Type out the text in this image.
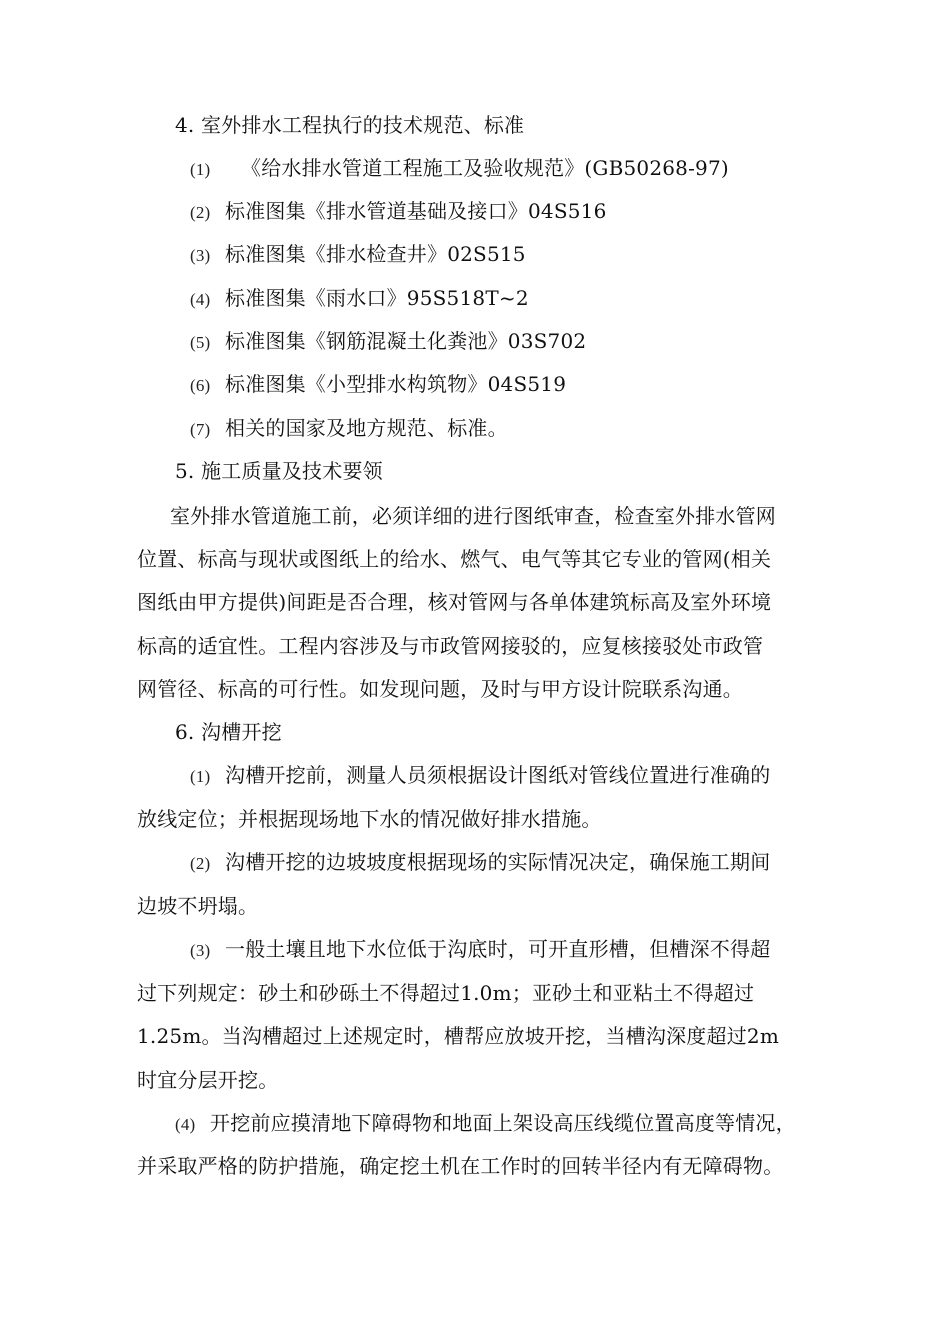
4. 室外排水工程执行的技术规范、标准
(1) 《给水排水管道工程施工及验收规范》(GB50268-97)
(2) 标准图集《排水管道基础及接口》04S516
(3) 标准图集《排水检查井》02S515
(4) 标准图集《雨水口》95S518T~2
(5) 标准图集《钢筋混凝土化粪池》03S702
(6) 标准图集《小型排水构筑物》04S519
(7) 相关的国家及地方规范、标准。
5. 施工质量及技术要领
室外排水管道施工前，必须详细的进行图纸审查，检查室外排水管网
位置、标高与现状或图纸上的给水、燃气、电气等其它专业的管网(相关
图纸由甲方提供)间距是否合理，核对管网与各单体建筑标高及室外环境
标高的适宜性。工程内容涉及与市政管网接驳的，应复核接驳处市政管
网管径、标高的可行性。如发现问题，及时与甲方设计院联系沟通。
6. 沟槽开挖
(1) 沟槽开挖前，测量人员须根据设计图纸对管线位置进行准确的
放线定位；并根据现场地下水的情况做好排水措施。
(2) 沟槽开挖的边坡坡度根据现场的实际情况决定，确保施工期间
边坡不坍塌。
(3) 一般土壤且地下水位低于沟底时，可开直形槽，但槽深不得超
过下列规定：砂土和砂砾土不得超过1.0m；亚砂土和亚粘土不得超过
1.25m。当沟槽超过上述规定时，槽帮应放坡开挖，当槽沟深度超过2m
时宜分层开挖。
(4) 开挖前应摸清地下障碍物和地面上架设高压线缆位置高度等情况，
并采取严格的防护措施，确定挖土机在工作时的回转半径内有无障碍物。
